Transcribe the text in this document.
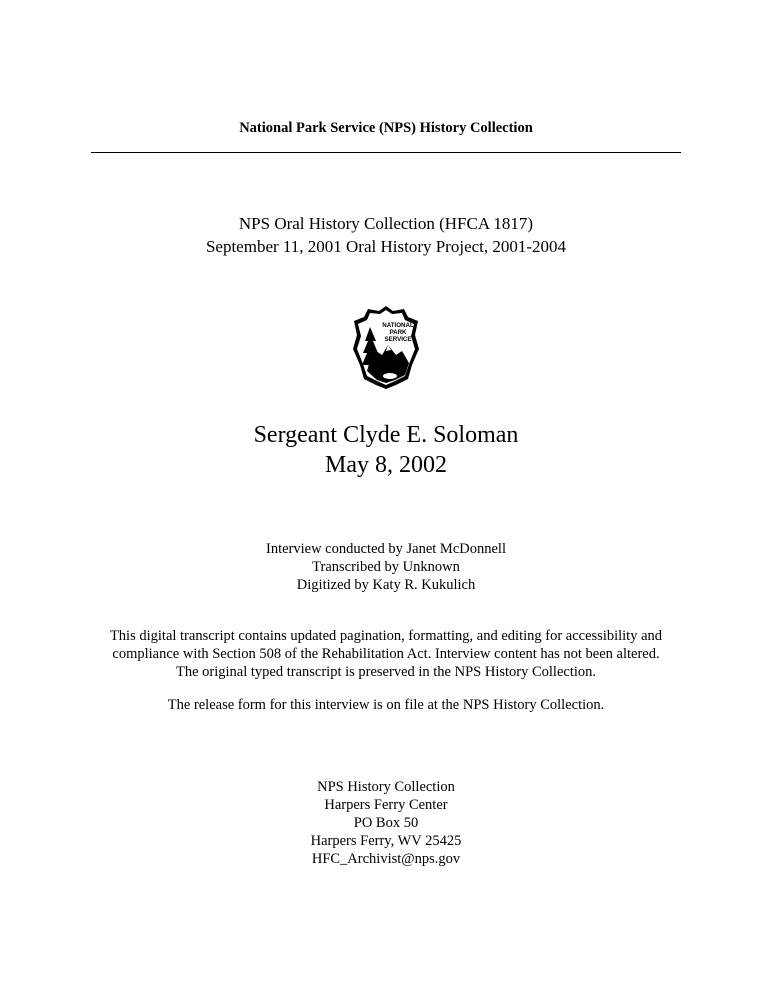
National Park Service (NPS) History Collection
NPS Oral History Collection (HFCA 1817)
September 11, 2001 Oral History Project, 2001-2004
NATIONAL
PARK
SERVICE
Sergeant Clyde E. Soloman
May 8, 2002
Interview conducted by Janet McDonnell
Transcribed by Unknown
Digitized by Katy R. Kukulich
This digital transcript contains updated pagination, formatting, and editing for accessibility and
compliance with Section 508 of the Rehabilitation Act. Interview content has not been altered.
The original typed transcript is preserved in the NPS History Collection.
The release form for this interview is on file at the NPS History Collection.
NPS History Collection
Harpers Ferry Center
PO Box 50
Harpers Ferry, WV 25425
HFC_Archivist@nps.gov
